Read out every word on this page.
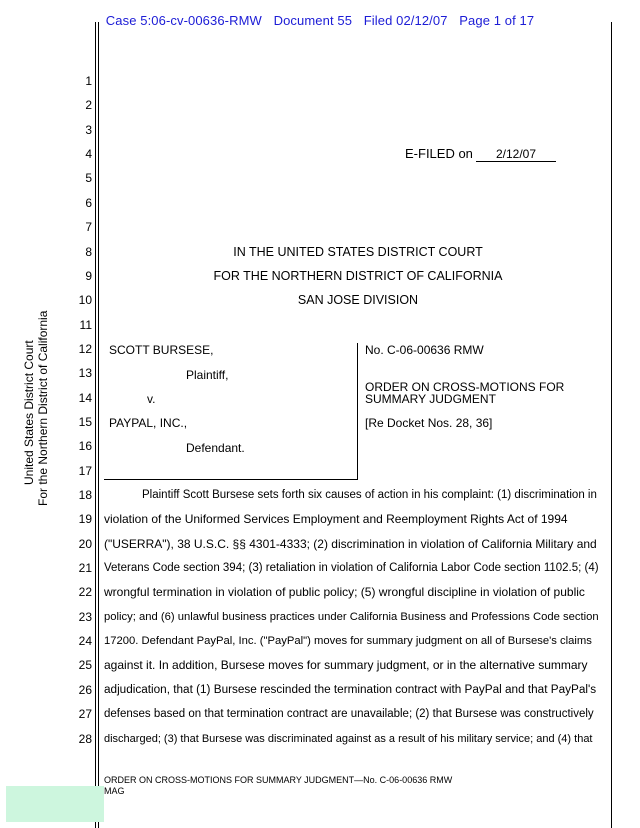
Case 5:06-cv-00636-RMW Document 55 Filed 02/12/07 Page 1 of 17
United States District Court For the Northern District of California
1
2
3
4
5
6
7
8
9
10
11
12
13
14
15
16
17
18
19
20
21
22
23
24
25
26
27
28
E-FILED on	2/12/07
IN THE UNITED STATES DISTRICT COURT
FOR THE NORTHERN DISTRICT OF CALIFORNIA
SAN JOSE DIVISION
SCOTT BURSESE,
Plaintiff,
v.
PAYPAL, INC.,
Defendant.
No. C-06-00636 RMW
ORDER ON CROSS-MOTIONS FOR
SUMMARY JUDGMENT
[Re Docket Nos. 28, 36]
Plaintiff Scott Bursese sets forth six causes of action in his complaint: (1) discrimination in
violation of the Uniformed Services Employment and Reemployment Rights Act of 1994
("USERRA"), 38 U.S.C. §§ 4301-4333; (2) discrimination in violation of California Military and
Veterans Code section 394; (3) retaliation in violation of California Labor Code section 1102.5; (4)
wrongful termination in violation of public policy; (5) wrongful discipline in violation of public
policy; and (6) unlawful business practices under California Business and Professions Code section
17200. Defendant PayPal, Inc. ("PayPal") moves for summary judgment on all of Bursese's claims
against it. In addition, Bursese moves for summary judgment, or in the alternative summary
adjudication, that (1) Bursese rescinded the termination contract with PayPal and that PayPal's
defenses based on that termination contract are unavailable; (2) that Bursese was constructively
discharged; (3) that Bursese was discriminated against as a result of his military service; and (4) that
ORDER ON CROSS-MOTIONS FOR SUMMARY JUDGMENT—No. C-06-00636 RMW
MAG
